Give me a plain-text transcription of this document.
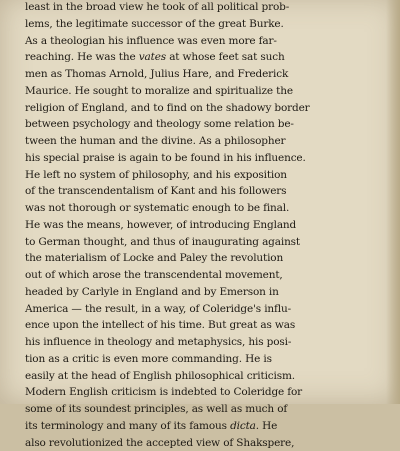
least in the broad view he took of all political prob-
lems, the legitimate successor of the great Burke.
As a theologian his influence was even more far-
reaching. He was the vates at whose feet sat such
men as Thomas Arnold, Julius Hare, and Frederick
Maurice. He sought to moralize and spiritualize the
religion of England, and to find on the shadowy border
between psychology and theology some relation be-
tween the human and the divine. As a philosopher
his special praise is again to be found in his influence.
He left no system of philosophy, and his exposition
of the transcendentalism of Kant and his followers
was not thorough or systematic enough to be final.
He was the means, however, of introducing England
to German thought, and thus of inaugurating against
the materialism of Locke and Paley the revolution
out of which arose the transcendental movement,
headed by Carlyle in England and by Emerson in
America — the result, in a way, of Coleridge's influ-
ence upon the intellect of his time. But great as was
his influence in theology and metaphysics, his posi-
tion as a critic is even more commanding. He is
easily at the head of English philosophical criticism.
Modern English criticism is indebted to Coleridge for
some of its soundest principles, as well as much of
its terminology and many of its famous dicta. He
also revolutionized the accepted view of Shakspere,
